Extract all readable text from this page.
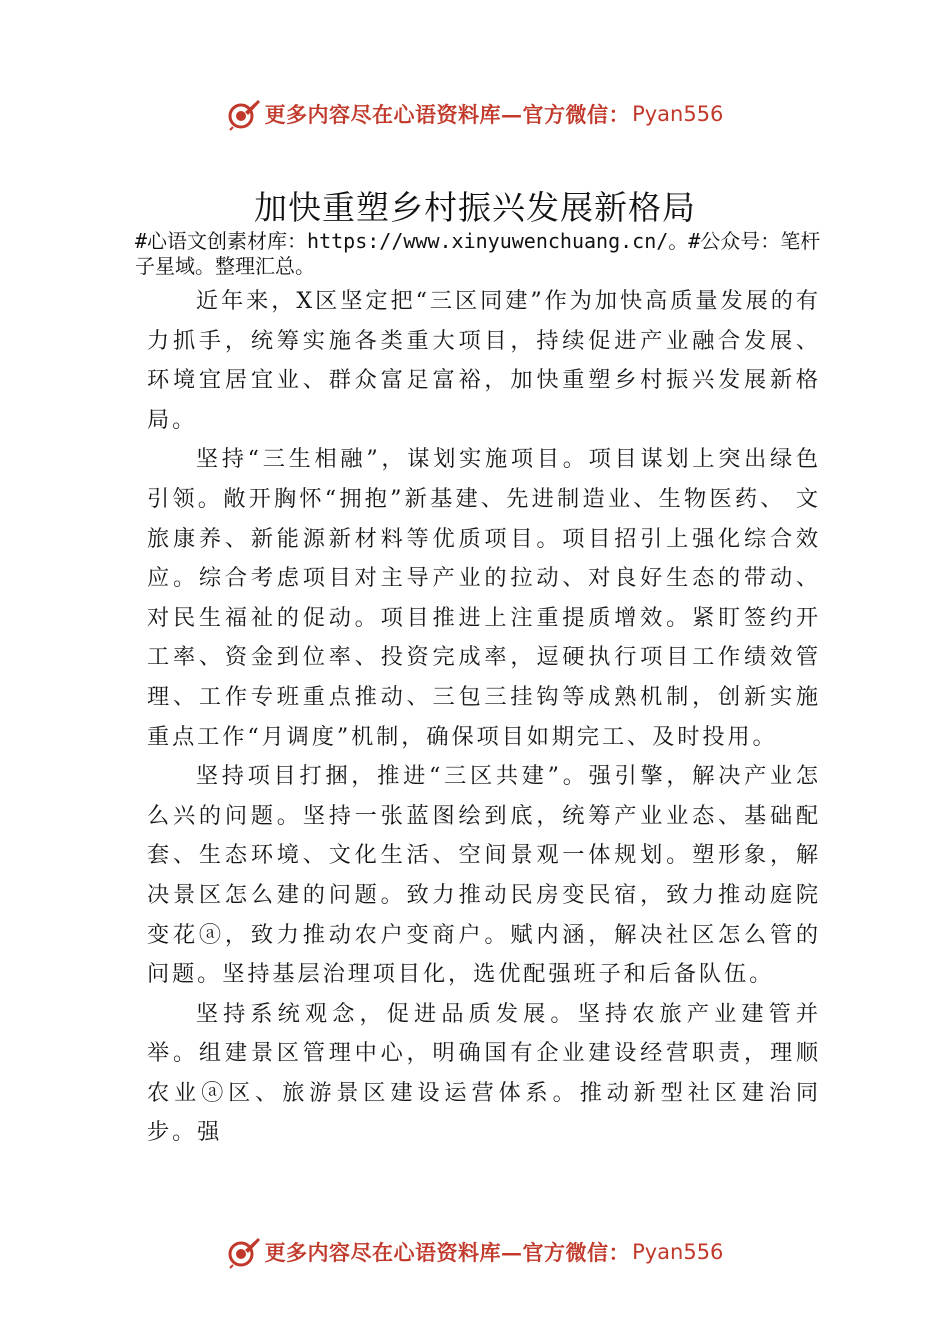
更多内容尽在心语资料库—官方微信： Pyan556
加快重塑乡村振兴发展新格局
#心语文创素材库：https://www.xinyuwenchuang.cn/。#公众号：笔杆子星域。整理汇总。

近年来，X区坚定把“三区同建”作为加快高质量发展的有力抓手，统筹实施各类重大项目，持续促进产业融合发展、环境宜居宜业、群众富足富裕，加快重塑乡村振兴发展新格局。

坚持“三生相融”，谋划实施项目。项目谋划上突出绿色引领。敞开胸怀“拥抱”新基建、先进制造业、生物医药、 文旅康养、新能源新材料等优质项目。项目招引上强化综合效应。综合考虑项目对主导产业的拉动、对良好生态的带动、对民生福祉的促动。项目推进上注重提质增效。紧盯签约开工率、资金到位率、投资完成率，逗硬执行项目工作绩效管理、工作专班重点推动、三包三挂钩等成熟机制，创新实施重点工作“月调度”机制，确保项目如期完工、及时投用。

坚持项目打捆，推进“三区共建”。强引擎，解决产业怎么兴的问题。坚持一张蓝图绘到底，统筹产业业态、基础配套、生态环境、文化生活、空间景观一体规划。塑形象，解决景区怎么建的问题。致力推动民房变民宿，致力推动庭院变花ⓐ，致力推动农户变商户。赋内涵，解决社区怎么管的问题。坚持基层治理项目化，选优配强班子和后备队伍。

坚持系统观念，促进品质发展。坚持农旅产业建管并举。组建景区管理中心，明确国有企业建设经营职责，理顺农业ⓐ区、旅游景区建设运营体系。推动新型社区建治同步。强

更多内容尽在心语资料库—官方微信： Pyan556
